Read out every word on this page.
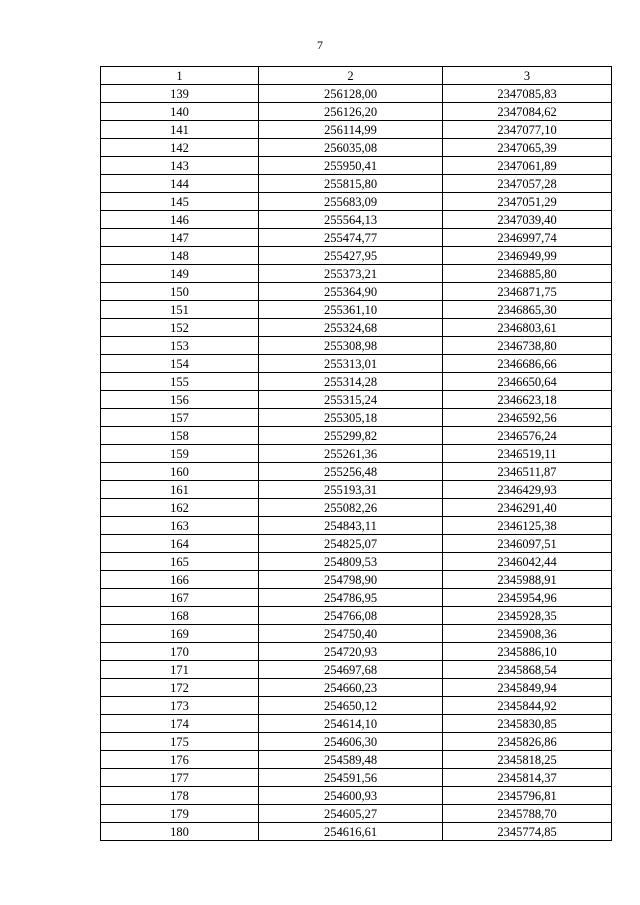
7
1	2	3
139	256128,00	2347085,83
140	256126,20	2347084,62
141	256114,99	2347077,10
142	256035,08	2347065,39
143	255950,41	2347061,89
144	255815,80	2347057,28
145	255683,09	2347051,29
146	255564,13	2347039,40
147	255474,77	2346997,74
148	255427,95	2346949,99
149	255373,21	2346885,80
150	255364,90	2346871,75
151	255361,10	2346865,30
152	255324,68	2346803,61
153	255308,98	2346738,80
154	255313,01	2346686,66
155	255314,28	2346650,64
156	255315,24	2346623,18
157	255305,18	2346592,56
158	255299,82	2346576,24
159	255261,36	2346519,11
160	255256,48	2346511,87
161	255193,31	2346429,93
162	255082,26	2346291,40
163	254843,11	2346125,38
164	254825,07	2346097,51
165	254809,53	2346042,44
166	254798,90	2345988,91
167	254786,95	2345954,96
168	254766,08	2345928,35
169	254750,40	2345908,36
170	254720,93	2345886,10
171	254697,68	2345868,54
172	254660,23	2345849,94
173	254650,12	2345844,92
174	254614,10	2345830,85
175	254606,30	2345826,86
176	254589,48	2345818,25
177	254591,56	2345814,37
178	254600,93	2345796,81
179	254605,27	2345788,70
180	254616,61	2345774,85
